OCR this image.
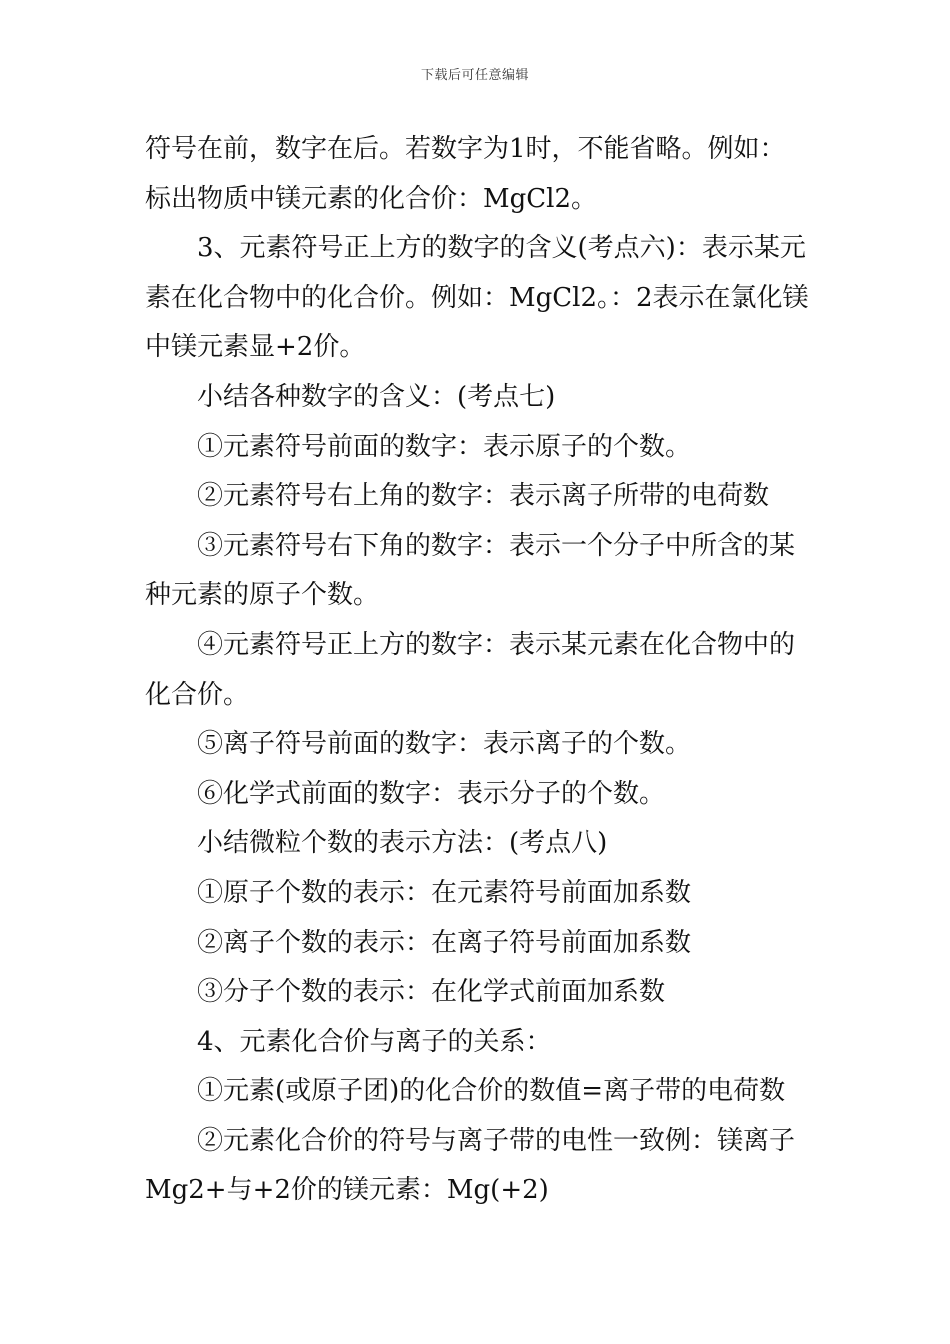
下载后可任意编辑

符号在前，数字在后。若数字为1时，不能省略。例如：标出物质中镁元素的化合价：MgCl2。

3、元素符号正上方的数字的含义(考点六)：表示某元素在化合物中的化合价。例如：MgCl2。：2表示在氯化镁中镁元素显+2价。

小结各种数字的含义：(考点七)

①元素符号前面的数字：表示原子的个数。

②元素符号右上角的数字：表示离子所带的电荷数

③元素符号右下角的数字：表示一个分子中所含的某种元素的原子个数。

④元素符号正上方的数字：表示某元素在化合物中的化合价。

⑤离子符号前面的数字：表示离子的个数。

⑥化学式前面的数字：表示分子的个数。

小结微粒个数的表示方法：(考点八)

①原子个数的表示：在元素符号前面加系数

②离子个数的表示：在离子符号前面加系数

③分子个数的表示：在化学式前面加系数

4、元素化合价与离子的关系：

①元素(或原子团)的化合价的数值=离子带的电荷数

②元素化合价的符号与离子带的电性一致例：镁离子Mg2+与+2价的镁元素：Mg(+2)
